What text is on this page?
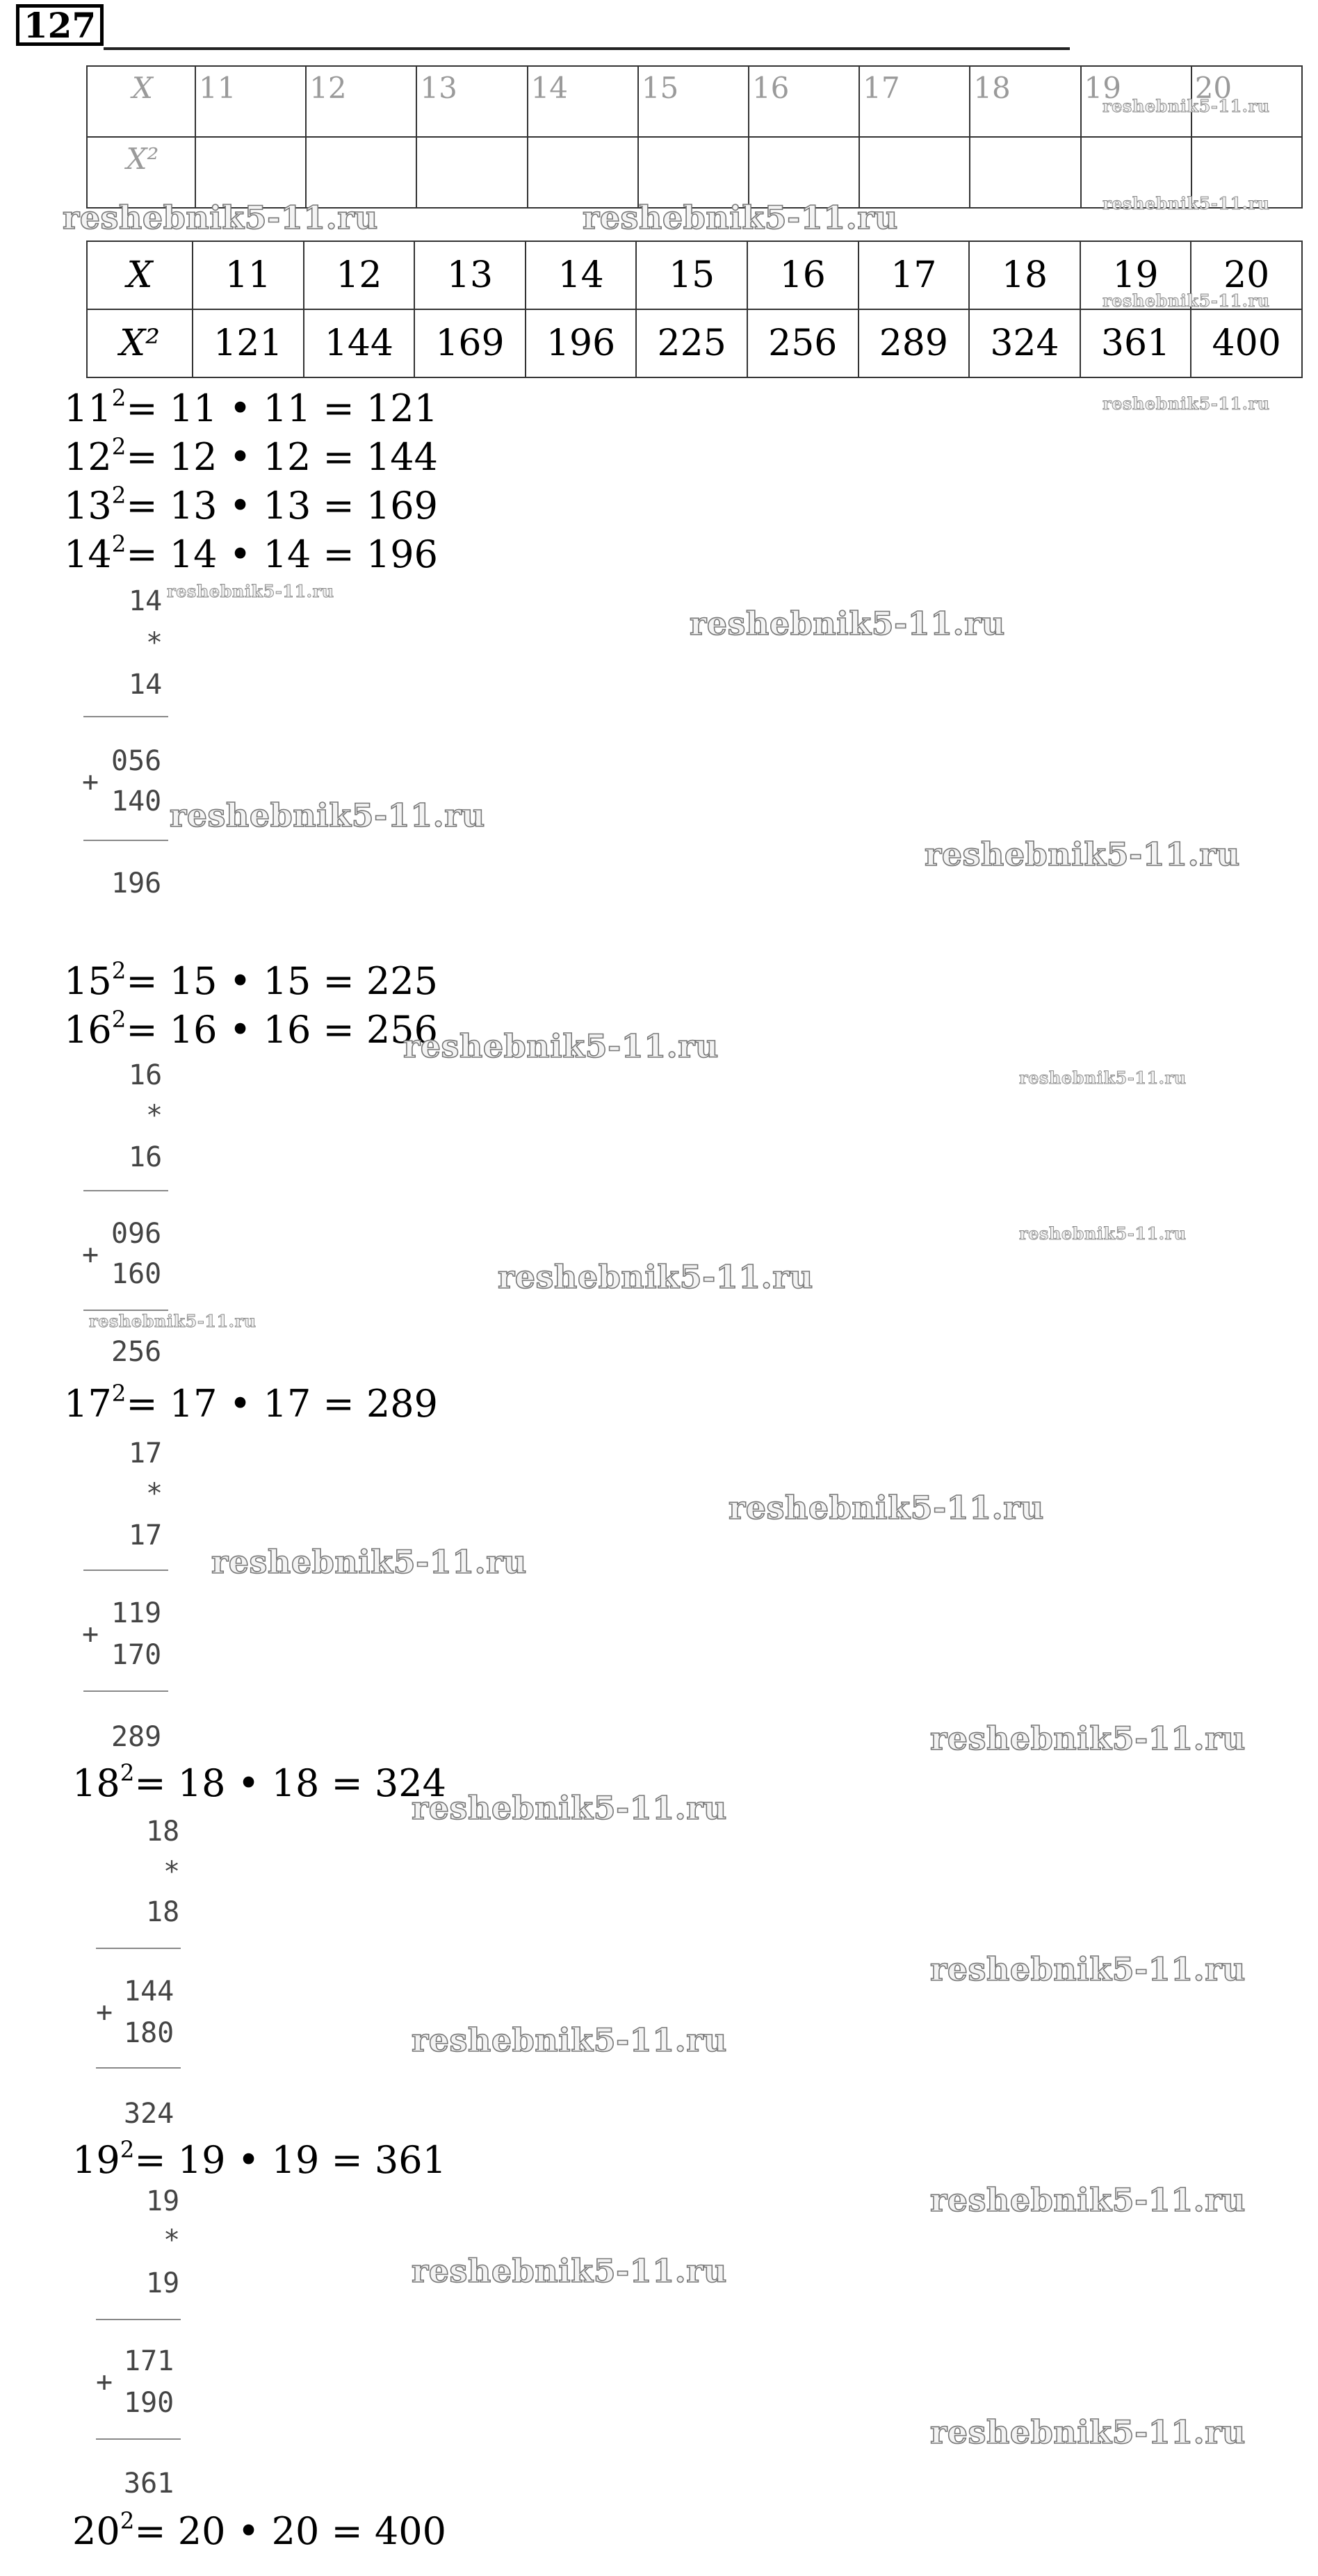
127
X	11	12	13	14	15	16	17	18	19	20
X²										
X	11	12	13	14	15	16	17	18	19	20
X²	121	144	169	196	225	256	289	324	361	400
$11^2= 11$ • 11 = 121
$12^2= 12$ • 12 = 144
$13^2= 13$ • 13 = 169
$14^2= 14$ • 14 = 196
14
*
14
056
+
140
196
$15^2= 15$ • 15 = 225
$16^2= 16$ • 16 = 256
16
*
16
096
+
160
256
$17^2= 17$ • 17 = 289
17
*
17
119
+
170
289
$18^2= 18$ • 18 = 324
18
*
18
144
+
180
324
$19^2= 19$ • 19 = 361
19
*
19
171
+
190
361
$20^2= 20$ • 20 = 400
reshebnik5-11.ru	reshebnik5-11.ru
reshebnik5-11.ru
reshebnik5-11.ru
reshebnik5-11.ru
reshebnik5-11.ru
reshebnik5-11.ru
reshebnik5-11.ru
reshebnik5-11.ru
reshebnik5-11.ru
reshebnik5-11.ru
reshebnik5-11.ru
reshebnik5-11.ru
reshebnik5-11.ru
reshebnik5-11.ru
reshebnik5-11.ru
reshebnik5-11.ru
reshebnik5-11.ru
reshebnik5-11.ru
reshebnik5-11.ru
reshebnik5-11.ru
reshebnik5-11.ru
reshebnik5-11.ru
reshebnik5-11.ru
